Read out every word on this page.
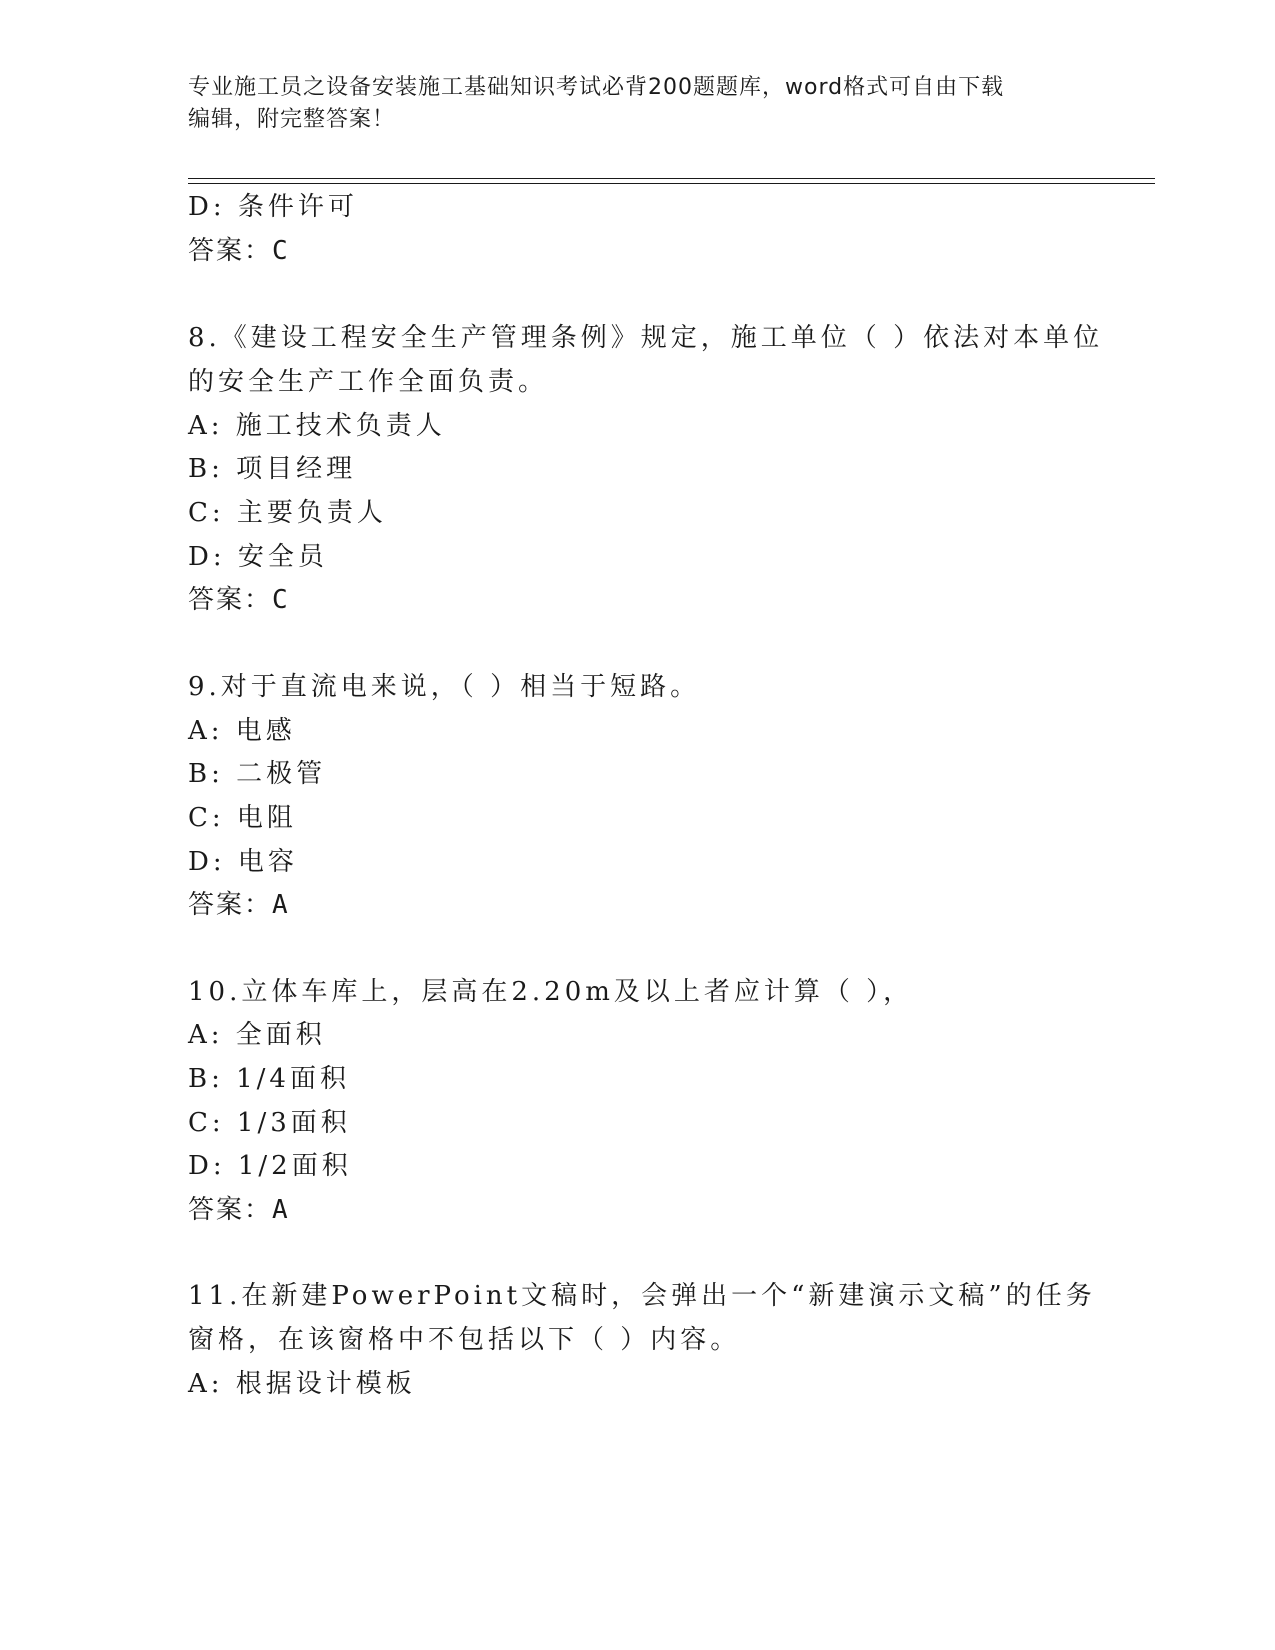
专业施工员之设备安装施工基础知识考试必背200题题库，word格式可自由下载
编辑，附完整答案！
D: 条件许可
答案：C
8.《建设工程安全生产管理条例》规定，施工单位（ ）依法对本单位
的安全生产工作全面负责。
A: 施工技术负责人
B: 项目经理
C: 主要负责人
D: 安全员
答案：C
9.对于直流电来说，（ ）相当于短路。
A: 电感
B: 二极管
C: 电阻
D: 电容
答案：A
10.立体车库上，层高在2.20m及以上者应计算（ ），
A: 全面积
B: 1/4面积
C: 1/3面积
D: 1/2面积
答案：A
11.在新建PowerPoint文稿时，会弹出一个“新建演示文稿”的任务
窗格，在该窗格中不包括以下（ ）内容。
A: 根据设计模板
